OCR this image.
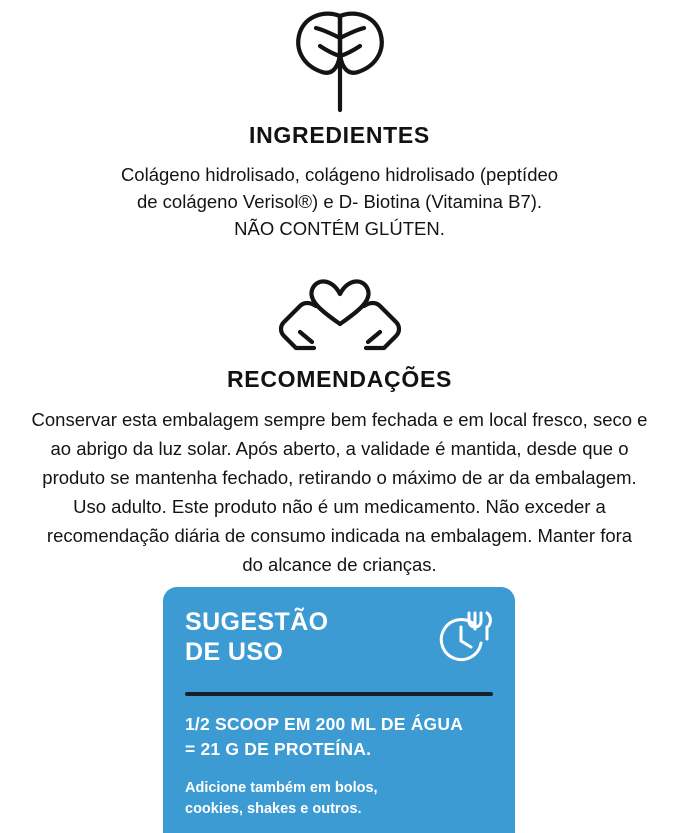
INGREDIENTES
Colágeno hidrolisado, colágeno hidrolisado (peptídeo
de colágeno Verisol®) e D- Biotina (Vitamina B7).
NÃO CONTÉM GLÚTEN.
RECOMENDAÇÕES
Conservar esta embalagem sempre bem fechada e em local fresco, seco e
ao abrigo da luz solar. Após aberto, a validade é mantida, desde que o
produto se mantenha fechado, retirando o máximo de ar da embalagem.
Uso adulto. Este produto não é um medicamento. Não exceder a
recomendação diária de consumo indicada na embalagem. Manter fora
do alcance de crianças.
SUGESTÃO
DE USO
1/2 SCOOP EM 200 ML DE ÁGUA
= 21 G DE PROTEÍNA.
Adicione também em bolos,
cookies, shakes e outros.
